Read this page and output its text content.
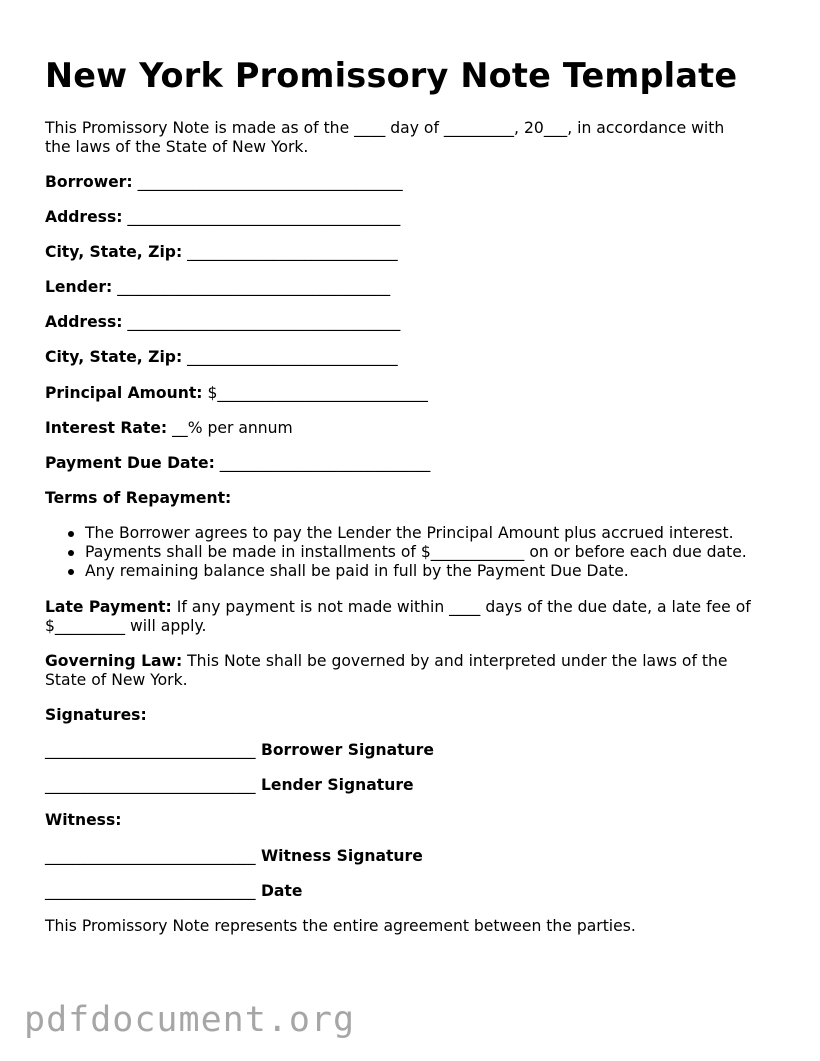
New York Promissory Note Template
This Promissory Note is made as of the ____ day of _________, 20___, in accordance with
the laws of the State of New York.
Borrower: __________________________________
Address: ___________________________________
City, State, Zip: ___________________________
Lender: ___________________________________
Address: ___________________________________
City, State, Zip: ___________________________
Principal Amount: $___________________________
Interest Rate: __% per annum
Payment Due Date: ___________________________
Terms of Repayment:
The Borrower agrees to pay the Lender the Principal Amount plus accrued interest.
Payments shall be made in installments of $____________ on or before each due date.
Any remaining balance shall be paid in full by the Payment Due Date.
Late Payment: If any payment is not made within ____ days of the due date, a late fee of
$_________ will apply.
Governing Law: This Note shall be governed by and interpreted under the laws of the
State of New York.
Signatures:
___________________________ Borrower Signature
___________________________ Lender Signature
Witness:
___________________________ Witness Signature
___________________________ Date
This Promissory Note represents the entire agreement between the parties.
pdfdocument.org
